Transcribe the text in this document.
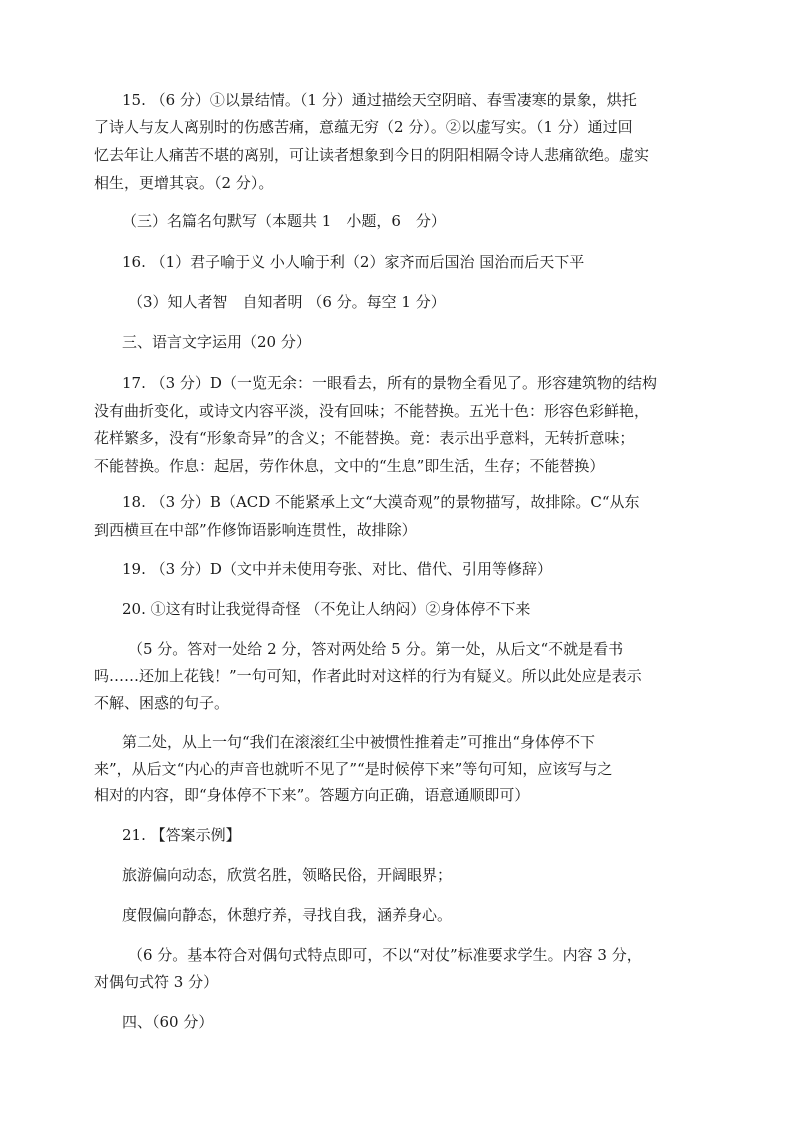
15. （6 分）①以景结情。（1 分）通过描绘天空阴暗、春雪凄寒的景象，烘托

了诗人与友人离别时的伤感苦痛，意蕴无穷（2 分）。②以虚写实。（1 分）通过回

忆去年让人痛苦不堪的离别，可让读者想象到今日的阴阳相隔令诗人悲痛欲绝。虚实

相生，更增其哀。（2 分）。

（三）名篇名句默写（本题共 1　小题，6　分）

16. （1）君子喻于义 小人喻于利（2）家齐而后国治 国治而后天下平

（3）知人者智　自知者明 （6 分。每空 1 分）

三、语言文字运用（20 分）

17. （3 分）D（一览无余：一眼看去，所有的景物全看见了。形容建筑物的结构

没有曲折变化，或诗文内容平淡，没有回味；不能替换。五光十色：形容色彩鲜艳，

花样繁多，没有“形象奇异”的含义；不能替换。竟：表示出乎意料，无转折意味；

不能替换。作息：起居，劳作休息，文中的“生息”即生活，生存；不能替换）

18. （3 分）B（ACD 不能紧承上文“大漠奇观”的景物描写，故排除。C“从东

到西横亘在中部”作修饰语影响连贯性，故排除）

19. （3 分）D（文中并未使用夸张、对比、借代、引用等修辞）

20. ①这有时让我觉得奇怪 （不免让人纳闷）②身体停不下来

（5 分。答对一处给 2 分，答对两处给 5 分。第一处，从后文“不就是看书

吗……还加上花钱！”一句可知，作者此时对这样的行为有疑义。所以此处应是表示

不解、困惑的句子。

第二处，从上一句“我们在滚滚红尘中被惯性推着走”可推出“身体停不下

来”，从后文“内心的声音也就听不见了”“是时候停下来”等句可知，应该写与之

相对的内容，即“身体停不下来”。答题方向正确，语意通顺即可）

21. 【答案示例】

旅游偏向动态，欣赏名胜，领略民俗，开阔眼界；

度假偏向静态，休憩疗养，寻找自我，涵养身心。

（6 分。基本符合对偶句式特点即可，不以“对仗”标准要求学生。内容 3 分，

对偶句式符 3 分）

四、（60 分）
